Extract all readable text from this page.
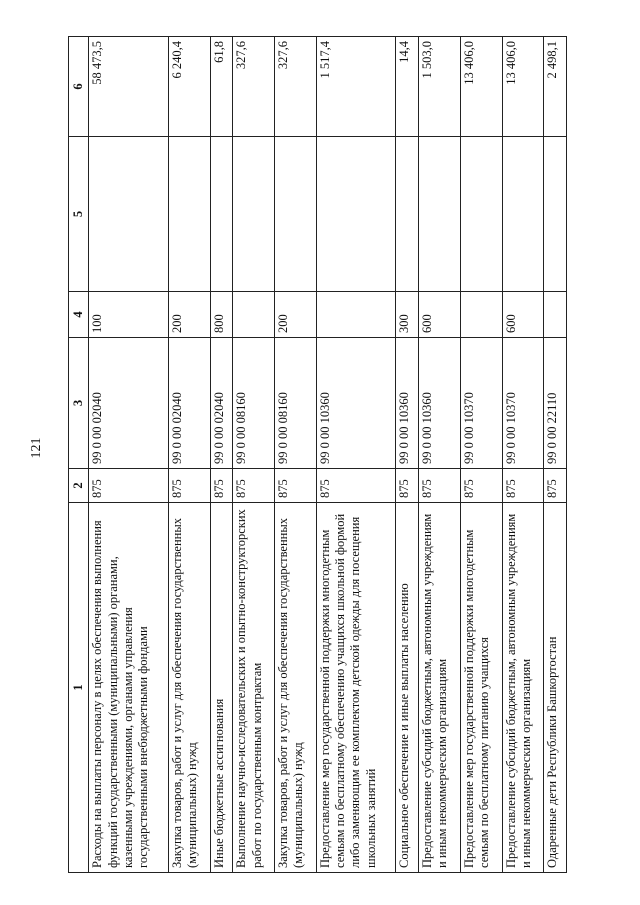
121
1	2	3	4	5	6
Расходы на выплаты персоналу в целях обеспечения выполнения функций государственными (муниципальными) органами, казенными учреждениями, органами управления государственными внебюджетными фондами	875	99 0 00 02040	100		58 473,5
Закупка товаров, работ и услуг для обеспечения государственных (муниципальных) нужд	875	99 0 00 02040	200		6 240,4
Иные бюджетные ассигнования	875	99 0 00 02040	800		61,8
Выполнение научно-исследовательских и опытно-конструкторских работ по государственным контрактам	875	99 0 00 08160			327,6
Закупка товаров, работ и услуг для обеспечения государственных (муниципальных) нужд	875	99 0 00 08160	200		327,6
Предоставление мер государственной поддержки многодетным семьям по бесплатному обеспечению учащихся школьной формой либо заменяющим ее комплектом детской одежды для посещения школьных занятий	875	99 0 00 10360			1 517,4
Социальное обеспечение и иные выплаты населению	875	99 0 00 10360	300		14,4
Предоставление субсидий бюджетным, автономным учреждениям и иным некоммерческим организациям	875	99 0 00 10360	600		1 503,0
Предоставление мер государственной поддержки многодетным семьям по бесплатному питанию учащихся	875	99 0 00 10370			13 406,0
Предоставление субсидий бюджетным, автономным учреждениям и иным некоммерческим организациям	875	99 0 00 10370	600		13 406,0
Одаренные дети Республики Башкортостан	875	99 0 00 22110			2 498,1
